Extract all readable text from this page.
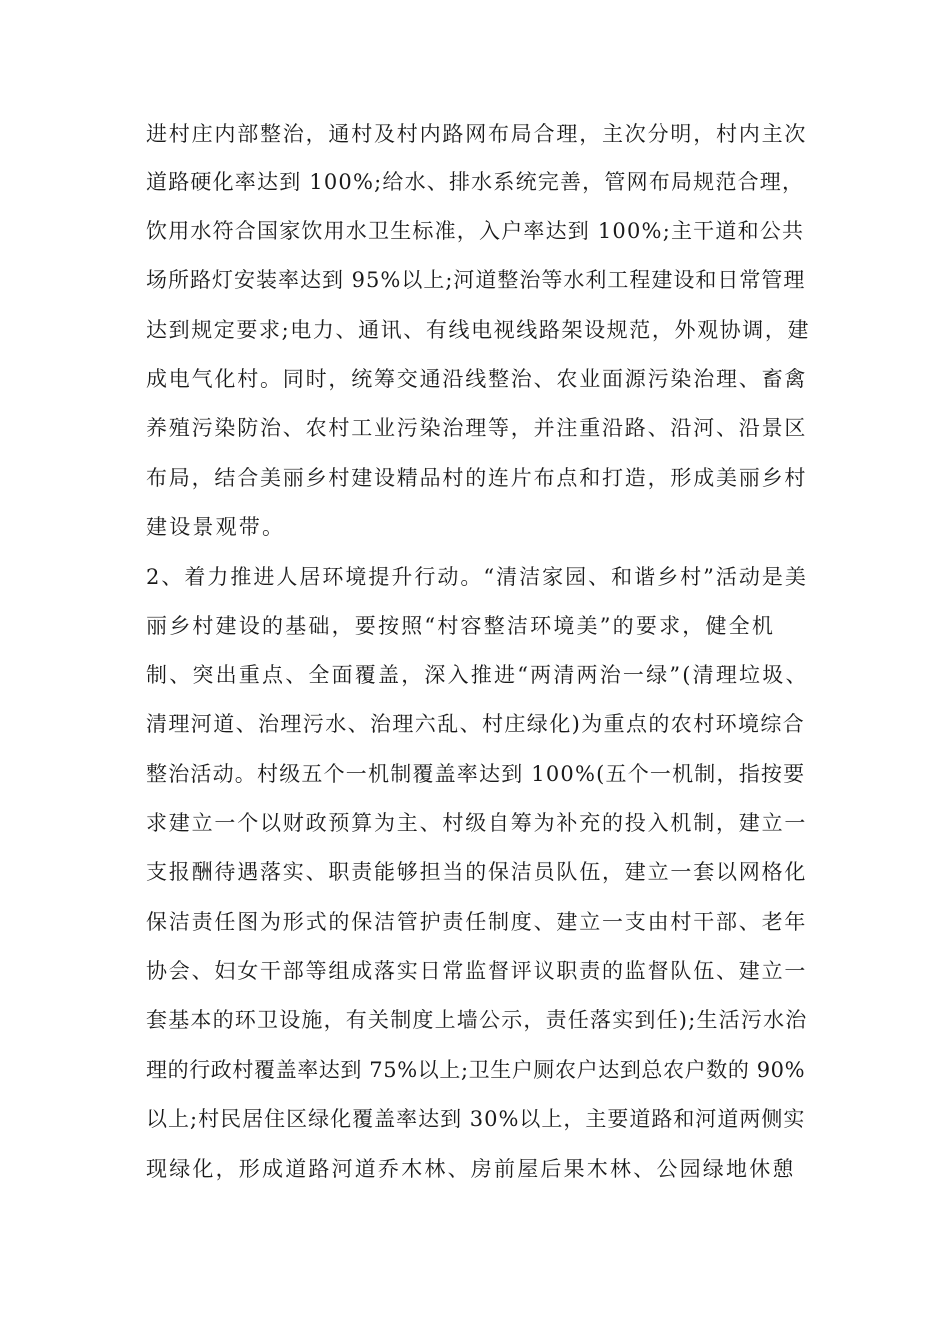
进村庄内部整治，通村及村内路网布局合理，主次分明，村内主次
道路硬化率达到 100%;给水、排水系统完善，管网布局规范合理，
饮用水符合国家饮用水卫生标准，入户率达到 100%;主干道和公共
场所路灯安装率达到 95%以上;河道整治等水利工程建设和日常管理
达到规定要求;电力、通讯、有线电视线路架设规范，外观协调，建
成电气化村。同时，统筹交通沿线整治、农业面源污染治理、畜禽
养殖污染防治、农村工业污染治理等，并注重沿路、沿河、沿景区
布局，结合美丽乡村建设精品村的连片布点和打造，形成美丽乡村
建设景观带。
2、着力推进人居环境提升行动。“清洁家园、和谐乡村”活动是美
丽乡村建设的基础，要按照“村容整洁环境美”的要求，健全机
制、突出重点、全面覆盖，深入推进“两清两治一绿”(清理垃圾、
清理河道、治理污水、治理六乱、村庄绿化)为重点的农村环境综合
整治活动。村级五个一机制覆盖率达到 100%(五个一机制，指按要
求建立一个以财政预算为主、村级自筹为补充的投入机制，建立一
支报酬待遇落实、职责能够担当的保洁员队伍，建立一套以网格化
保洁责任图为形式的保洁管护责任制度、建立一支由村干部、老年
协会、妇女干部等组成落实日常监督评议职责的监督队伍、建立一
套基本的环卫设施，有关制度上墙公示，责任落实到任);生活污水治
理的行政村覆盖率达到 75%以上;卫生户厕农户达到总农户数的 90%
以上;村民居住区绿化覆盖率达到 30%以上，主要道路和河道两侧实
现绿化，形成道路河道乔木林、房前屋后果木林、公园绿地休憩
